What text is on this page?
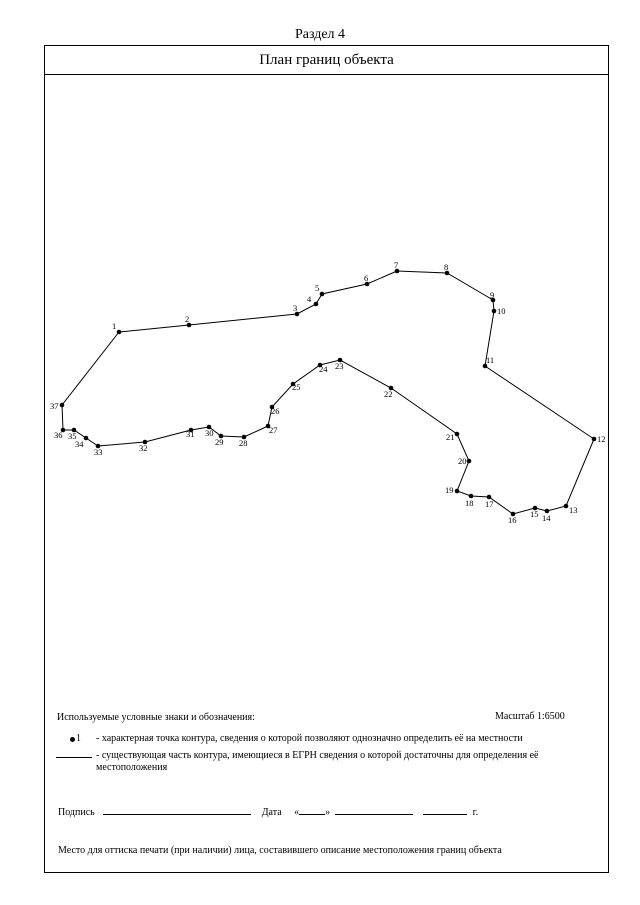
Раздел 4
План границ объекта
1
2
3
4
5
6
7	8
9
10
11
12
13
14
15
16
17
18
19
20
21
22
23
24
25
26
27
28
29
30
31
32
33
34
35
36
37
Используемые условные знаки и обозначения:	Масштаб 1:6500
1 - характерная точка контура, сведения о которой позволяют однозначно определить её на местности
- существующая часть контура, имеющиеся в ЕГРН сведения о которой достаточны для определения её местоположения
Подпись	Дата «	»	г.
Место для оттиска печати (при наличии) лица, составившего описание местоположения границ объекта
